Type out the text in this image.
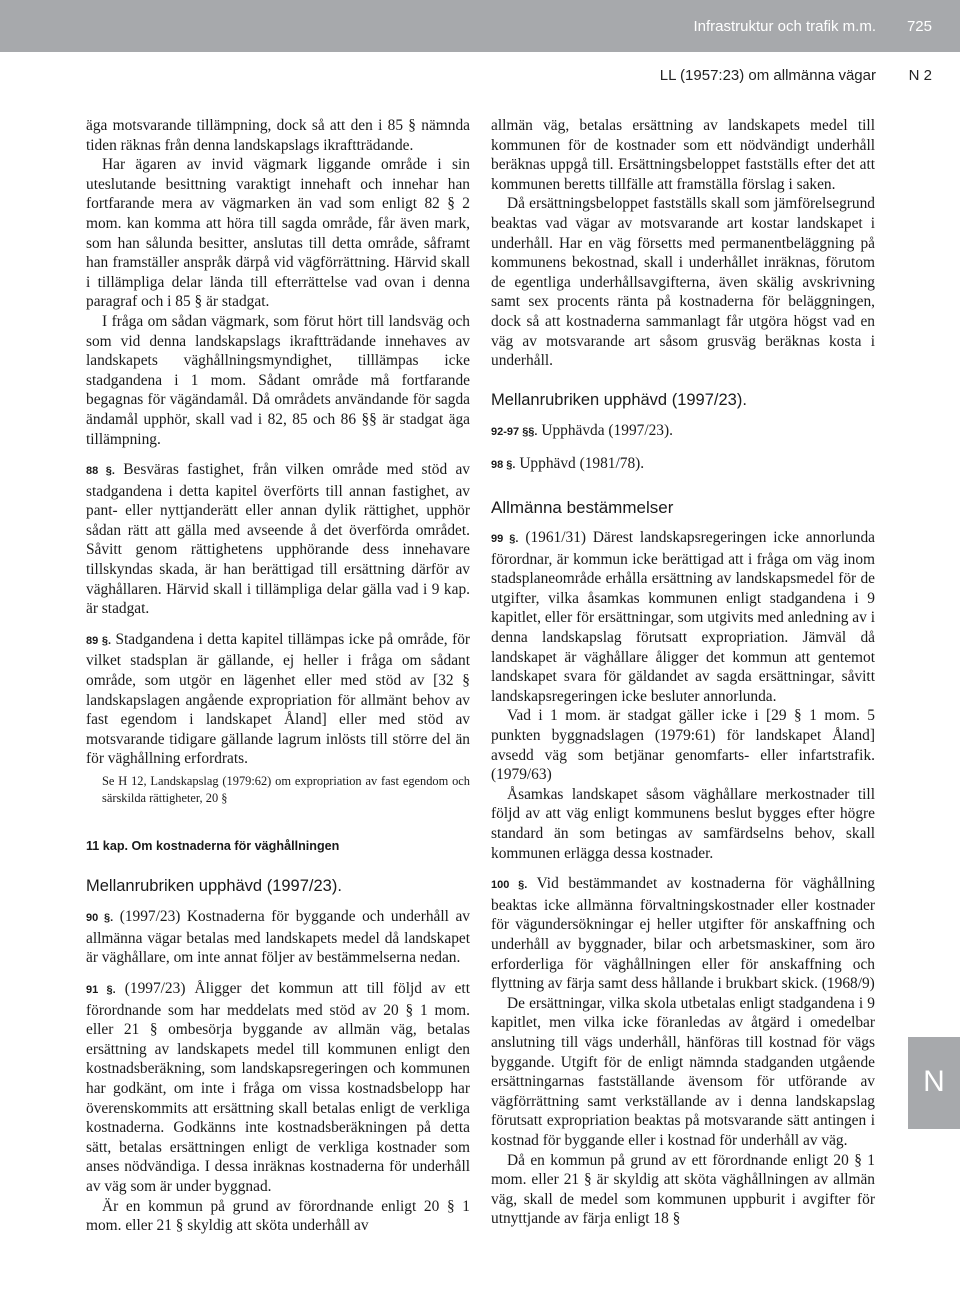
Infrastruktur och trafik m.m. 725
LL (1957:23) om allmänna vägar N 2

äga motsvarande tillämpning, dock så att den i 85 § nämnda tiden räknas från denna landskapslags ikraftträdande.

Har ägaren av invid vägmark liggande område i sin uteslutande besittning varaktigt innehaft och innehar han fortfarande mera av vägmarken än vad som enligt 82 § 2 mom. kan komma att höra till sagda område, får även mark, som han sålunda besitter, anslutas till detta område, såframt han framställer anspråk därpå vid vägförrättning. Härvid skall i tillämpliga delar lända till efterrättelse vad ovan i denna paragraf och i 85 § är stadgat.

I fråga om sådan vägmark, som förut hört till landsväg och som vid denna landskapslags ikraftträdande innehaves av landskapets väghållningsmyndighet, tilllämpas icke stadgandena i 1 mom. Sådant område må fortfarande begagnas för vägändamål. Då områdets användande för sagda ändamål upphör, skall vad i 82, 85 och 86 §§ är stadgat äga tillämpning.

88 §. Besväras fastighet, från vilken område med stöd av stadgandena i detta kapitel överförts till annan fastighet, av pant- eller nyttjanderätt eller annan dylik rättighet, upphör sådan rätt att gälla med avseende å det överförda området. Såvitt genom rättighetens upphörande dess innehavare tillskyndas skada, är han berättigad till ersättning därför av väghållaren. Härvid skall i tillämpliga delar gälla vad i 9 kap. är stadgat.

89 §. Stadgandena i detta kapitel tillämpas icke på område, för vilket stadsplan är gällande, ej heller i fråga om sådant område, som utgör en lägenhet eller med stöd av [32 § landskapslagen angående expropriation för allmänt behov av fast egendom i landskapet Åland] eller med stöd av motsvarande tidigare gällande lagrum inlösts till större del än för väghållning erfordrats.

Se H 12, Landskapslag (1979:62) om expropriation av fast egendom och särskilda rättigheter, 20 §

11 kap. Om kostnaderna för väghållningen

Mellanrubriken upphävd (1997/23).

90 §. (1997/23) Kostnaderna för byggande och underhåll av allmänna vägar betalas med landskapets medel då landskapet är väghållare, om inte annat följer av bestämmelserna nedan.

91 §. (1997/23) Åligger det kommun att till följd av ett förordnande som har meddelats med stöd av 20 § 1 mom. eller 21 § ombesörja byggande av allmän väg, betalas ersättning av landskapets medel till kommunen enligt den kostnadsberäkning, som landskapsregeringen och kommunen har godkänt, om inte i fråga om vissa kostnadsbelopp har överenskommits att ersättning skall betalas enligt de verkliga kostnaderna. Godkänns inte kostnadsberäkningen på detta sätt, betalas ersättningen enligt de verkliga kostnader som anses nödvändiga. I dessa inräknas kostnaderna för underhåll av väg som är under byggnad.

Är en kommun på grund av förordnande enligt 20 § 1 mom. eller 21 § skyldig att sköta underhåll av

allmän väg, betalas ersättning av landskapets medel till kommunen för de kostnader som ett nödvändigt underhåll beräknas uppgå till. Ersättningsbeloppet fastställs efter det att kommunen beretts tillfälle att framställa förslag i saken.

Då ersättningsbeloppet fastställs skall som jämförelsegrund beaktas vad vägar av motsvarande art kostar landskapet i underhåll. Har en väg försetts med permanentbeläggning på kommunens bekostnad, skall i underhållet inräknas, förutom de egentliga underhållsavgifterna, även skälig avskrivning samt sex procents ränta på kostnaderna för beläggningen, dock så att kostnaderna sammanlagt får utgöra högst vad en väg av motsvarande art såsom grusväg beräknas kosta i underhåll.

Mellanrubriken upphävd (1997/23).

92-97 §§. Upphävda (1997/23).

98 §. Upphävd (1981/78).

Allmänna bestämmelser

99 §. (1961/31) Därest landskapsregeringen icke annorlunda förordnar, är kommun icke berättigad att i fråga om väg inom stadsplaneområde erhålla ersättning av landskapsmedel för de utgifter, vilka åsamkas kommunen enligt stadgandena i 9 kapitlet, eller för ersättningar, som utgivits med anledning av i denna landskapslag förutsatt expropriation. Jämväl då landskapet är väghållare åligger det kommun att gentemot landskapet svara för gäldandet av sagda ersättningar, såvitt landskapsregeringen icke besluter annorlunda.

Vad i 1 mom. är stadgat gäller icke i [29 § 1 mom. 5 punkten byggnadslagen (1979:61) för landskapet Åland] avsedd väg som betjänar genomfarts- eller infartstrafik. (1979/63)

Åsamkas landskapet såsom väghållare merkostnader till följd av att väg enligt kommunens beslut bygges efter högre standard än som betingas av samfärdselns behov, skall kommunen erlägga dessa kostnader.

100 §. Vid bestämmandet av kostnaderna för väghållning beaktas icke allmänna förvaltningskostnader eller kostnader för vägundersökningar ej heller utgifter för anskaffning och underhåll av byggnader, bilar och arbetsmaskiner, som äro erforderliga för väghållningen eller för anskaffning och flyttning av färja samt dess hållande i brukbart skick. (1968/9)

De ersättningar, vilka skola utbetalas enligt stadgandena i 9 kapitlet, men vilka icke föranledas av åtgärd i omedelbar anslutning till vägs underhåll, hänföras till kostnad för vägs byggande. Utgift för de enligt nämnda stadganden utgående ersättningarnas fastställande ävensom för utförande av vägförrättning samt verkställande av i denna landskapslag förutsatt expropriation beaktas på motsvarande sätt antingen i kostnad för byggande eller i kostnad för underhåll av väg.

Då en kommun på grund av ett förordnande enligt 20 § 1 mom. eller 21 § är skyldig att sköta väghållningen av allmän väg, skall de medel som kommunen uppburit i avgifter för utnyttjande av färja enligt 18 §

N
